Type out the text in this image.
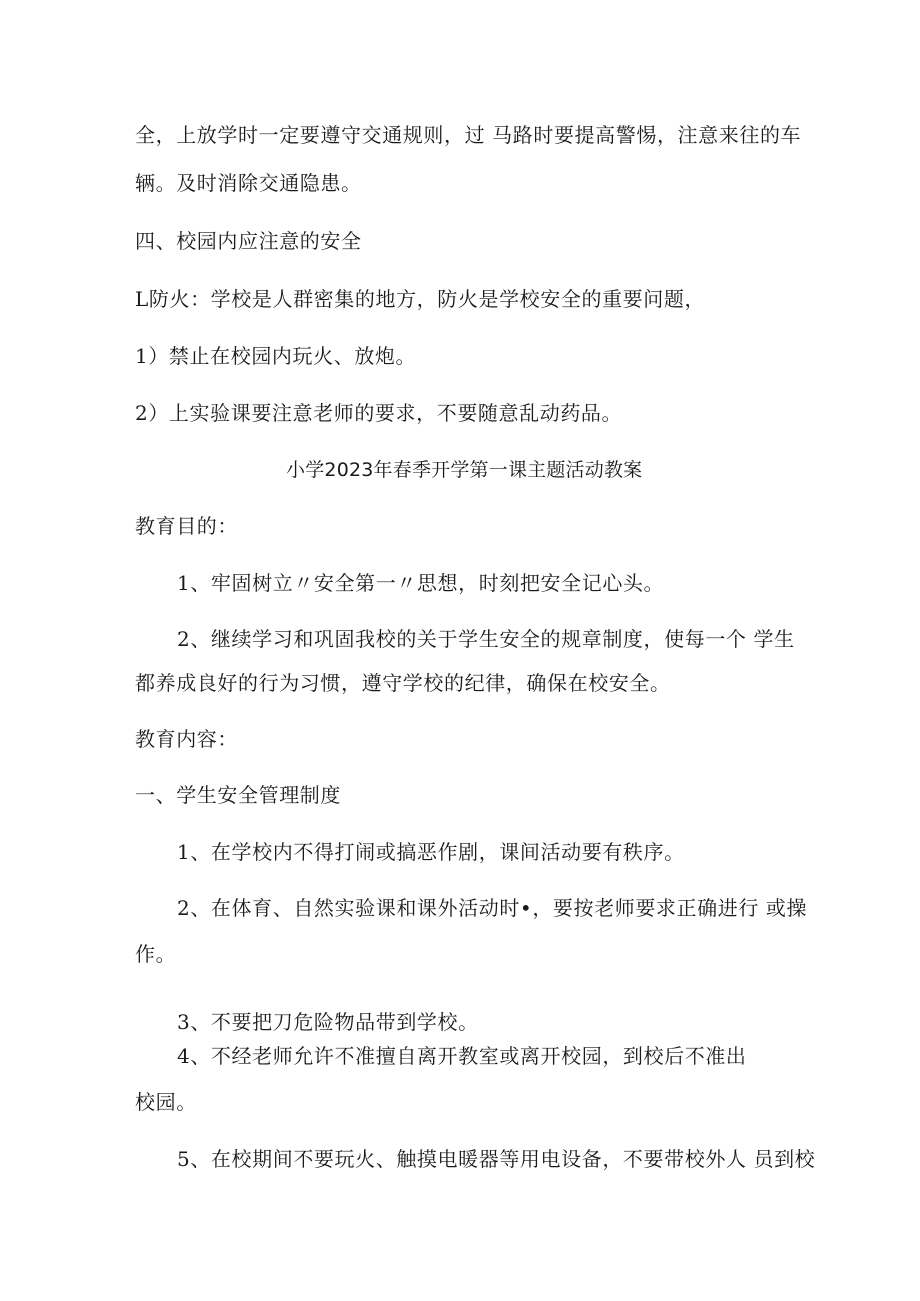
全，上放学时一定要遵守交通规则，过 马路时要提高警惕，注意来往的车
辆。及时消除交通隐患。
四、校园内应注意的安全
L防火：学校是人群密集的地方，防火是学校安全的重要问题，
1）禁止在校园内玩火、放炮。
2）上实验课要注意老师的要求，不要随意乱动药品。
小学2023年春季开学第一课主题活动教案
教育目的：
1、牢固树立〃安全第一〃思想，时刻把安全记心头。
2、继续学习和巩固我校的关于学生安全的规章制度，使每一个 学生
都养成良好的行为习惯，遵守学校的纪律，确保在校安全。
教育内容：
一、学生安全管理制度
1、在学校内不得打闹或搞恶作剧，课间活动要有秩序。
2、在体育、自然实验课和课外活动时•，要按老师要求正确进行 或操
作。
3、不要把刀危险物品带到学校。
4、不经老师允许不准擅自离开教室或离开校园，到校后不准出
校园。
5、在校期间不要玩火、触摸电暖器等用电设备，不要带校外人 员到校
